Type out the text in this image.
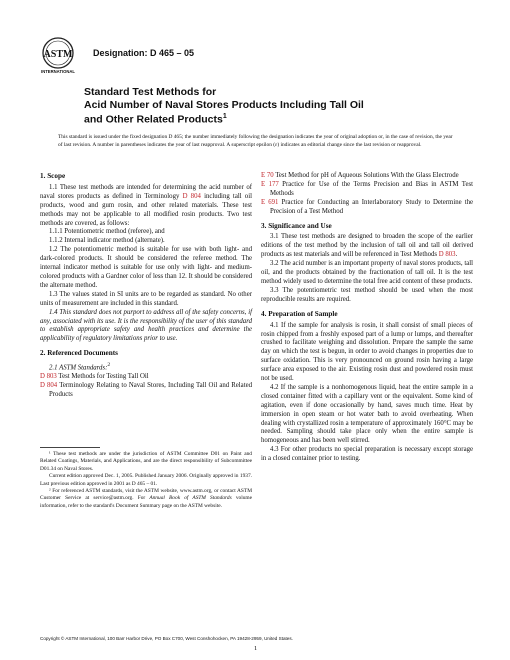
ASTM
INTERNATIONAL
Designation: D 465 – 05
Standard Test Methods for
Acid Number of Naval Stores Products Including Tall Oil
and Other Related Products$^1$
This standard is issued under the fixed designation D 465; the number immediately following the designation indicates the year of original adoption or, in the case of revision, the year of last revision. A number in parentheses indicates the year of last reapproval. A superscript epsilon (ε) indicates an editorial change since the last revision or reapproval.
1. Scope

1.1 These test methods are intended for determining the acid number of naval stores products as defined in Terminology D 804 including tall oil products, wood and gum rosin, and other related materials. These test methods may not be applicable to all modified rosin products. Two test methods are covered, as follows:

1.1.1 Potentiometric method (referee), and

1.1.2 Internal indicator method (alternate).

1.2 The potentiometric method is suitable for use with both light- and dark-colored products. It should be considered the referee method. The internal indicator method is suitable for use only with light- and medium-colored products with a Gardner color of less than 12. It should be considered the alternate method.

1.3 The values stated in SI units are to be regarded as standard. No other units of measurement are included in this standard.

1.4 This standard does not purport to address all of the safety concerns, if any, associated with its use. It is the responsibility of the user of this standard to establish appropriate safety and health practices and determine the applicability of regulatory limitations prior to use.

2. Referenced Documents

2.1 ASTM Standards:$^2$

D 803 Test Methods for Testing Tall Oil

D 804 Terminology Relating to Naval Stores, Including Tall Oil and Related Products

¹ These test methods are under the jurisdiction of ASTM Committee D01 on Paint and Related Coatings, Materials, and Applications, and are the direct responsibility of Subcommittee D01.34 on Naval Stores.

Current edition approved Dec. 1, 2005. Published January 2006. Originally approved in 1937. Last previous edition approved in 2001 as D 465 – 01.

² For referenced ASTM standards, visit the ASTM website, www.astm.org, or contact ASTM Customer Service at service@astm.org. For Annual Book of ASTM Standards volume information, refer to the standard's Document Summary page on the ASTM website.

E 70 Test Method for pH of Aqueous Solutions With the Glass Electrode

E 177 Practice for Use of the Terms Precision and Bias in ASTM Test Methods

E 691 Practice for Conducting an Interlaboratory Study to Determine the Precision of a Test Method

3. Significance and Use

3.1 These test methods are designed to broaden the scope of the earlier editions of the test method by the inclusion of tall oil and tall oil derived products as test materials and will be referenced in Test Methods D 803.

3.2 The acid number is an important property of naval stores products, tall oil, and the products obtained by the fractionation of tall oil. It is the test method widely used to determine the total free acid content of these products.

3.3 The potentiometric test method should be used when the most reproducible results are required.

4. Preparation of Sample

4.1 If the sample for analysis is rosin, it shall consist of small pieces of rosin chipped from a freshly exposed part of a lump or lumps, and thereafter crushed to facilitate weighing and dissolution. Prepare the sample the same day on which the test is begun, in order to avoid changes in properties due to surface oxidation. This is very pronounced on ground rosin having a large surface area exposed to the air. Existing rosin dust and powdered rosin must not be used.

4.2 If the sample is a nonhomogenous liquid, heat the entire sample in a closed container fitted with a capillary vent or the equivalent. Some kind of agitation, even if done occasionally by hand, saves much time. Heat by immersion in open steam or hot water bath to avoid overheating. When dealing with crystallized rosin a temperature of approximately 160°C may be needed. Sampling should take place only when the entire sample is homogeneous and has been well stirred.

4.3 For other products no special preparation is necessary except storage in a closed container prior to testing.

Copyright © ASTM International, 100 Barr Harbor Drive, PO Box C700, West Conshohocken, PA 19428-2959, United States.
1
